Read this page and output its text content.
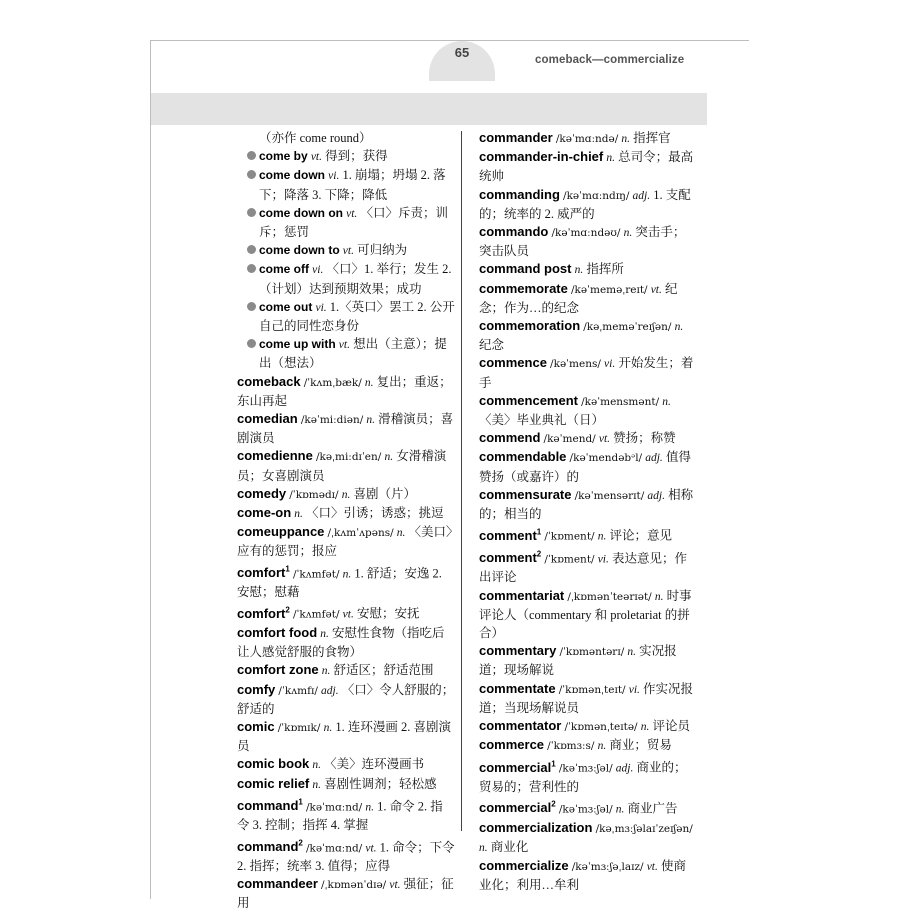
65	comeback—commercialize

（亦作 come round）

come by vt. 得到；获得

come down vi. 1. 崩塌；坍塌 2. 落下；降落 3. 下降；降低

come down on vt. 〈口〉斥责；训斥；惩罚

come down to vt. 可归纳为

come off vi. 〈口〉1. 举行；发生 2.（计划）达到预期效果；成功

come out vi. 1.〈英口〉罢工 2. 公开自己的同性恋身份

come up with vt. 想出（主意）；提出（想法）

comeback /ˈkʌmˌbæk/ n. 复出；重返；东山再起

comedian /kəˈmiːdiən/ n. 滑稽演员；喜剧演员

comedienne /kəˌmiːdɪˈen/ n. 女滑稽演员；女喜剧演员

comedy /ˈkɒmədɪ/ n. 喜剧（片）

come-on n. 〈口〉引诱；诱惑；挑逗

comeuppance /ˌkʌmˈʌpəns/ n. 〈美口〉应有的惩罚；报应

comfort$^1$ /ˈkʌmfət/ n. 1. 舒适；安逸 2. 安慰；慰藉

comfort$^2$ /ˈkʌmfət/ vt. 安慰；安抚

comfort food n. 安慰性食物（指吃后让人感觉舒服的食物）

comfort zone n. 舒适区；舒适范围

comfy /ˈkʌmfɪ/ adj. 〈口〉令人舒服的；舒适的

comic /ˈkɒmɪk/ n. 1. 连环漫画 2. 喜剧演员

comic book n. 〈美〉连环漫画书

comic relief n. 喜剧性调剂；轻松感

command$^1$ /kəˈmɑːnd/ n. 1. 命令 2. 指令 3. 控制；指挥 4. 掌握

command$^2$ /kəˈmɑːnd/ vt. 1. 命令；下令 2. 指挥；统率 3. 值得；应得

commandeer /ˌkɒmənˈdɪə/ vt. 强征；征用

commander /kəˈmɑːndə/ n. 指挥官

commander-in-chief n. 总司令；最高统帅

commanding /kəˈmɑːndɪŋ/ adj. 1. 支配的；统率的 2. 威严的

commando /kəˈmɑːndəʊ/ n. 突击手；突击队员

command post n. 指挥所

commemorate /kəˈmeməˌreɪt/ vt. 纪念；作为…的纪念

commemoration /kəˌmeməˈreɪʃən/ n. 纪念

commence /kəˈmens/ vi. 开始发生；着手

commencement /kəˈmensmənt/ n. 〈美〉毕业典礼（日）

commend /kəˈmend/ vt. 赞扬；称赞

commendable /kəˈmendəbᵊl/ adj. 值得赞扬（或嘉许）的

commensurate /kəˈmensərɪt/ adj. 相称的；相当的

comment$^1$ /ˈkɒment/ n. 评论；意见

comment$^2$ /ˈkɒment/ vi. 表达意见；作出评论

commentariat /ˌkɒmənˈteərɪət/ n. 时事评论人（commentary 和 proletariat 的拼合）

commentary /ˈkɒməntərɪ/ n. 实况报道；现场解说

commentate /ˈkɒmənˌteɪt/ vi. 作实况报道；当现场解说员

commentator /ˈkɒmənˌteɪtə/ n. 评论员

commerce /ˈkɒmɜːs/ n. 商业；贸易

commercial$^1$ /kəˈmɜːʃəl/ adj. 商业的；贸易的；营利性的

commercial$^2$ /kəˈmɜːʃəl/ n. 商业广告

commercialization /kəˌmɜːʃəlaɪˈzeɪʃən/ n. 商业化

commercialize /kəˈmɜːʃəˌlaɪz/ vt. 使商业化；利用…牟利
